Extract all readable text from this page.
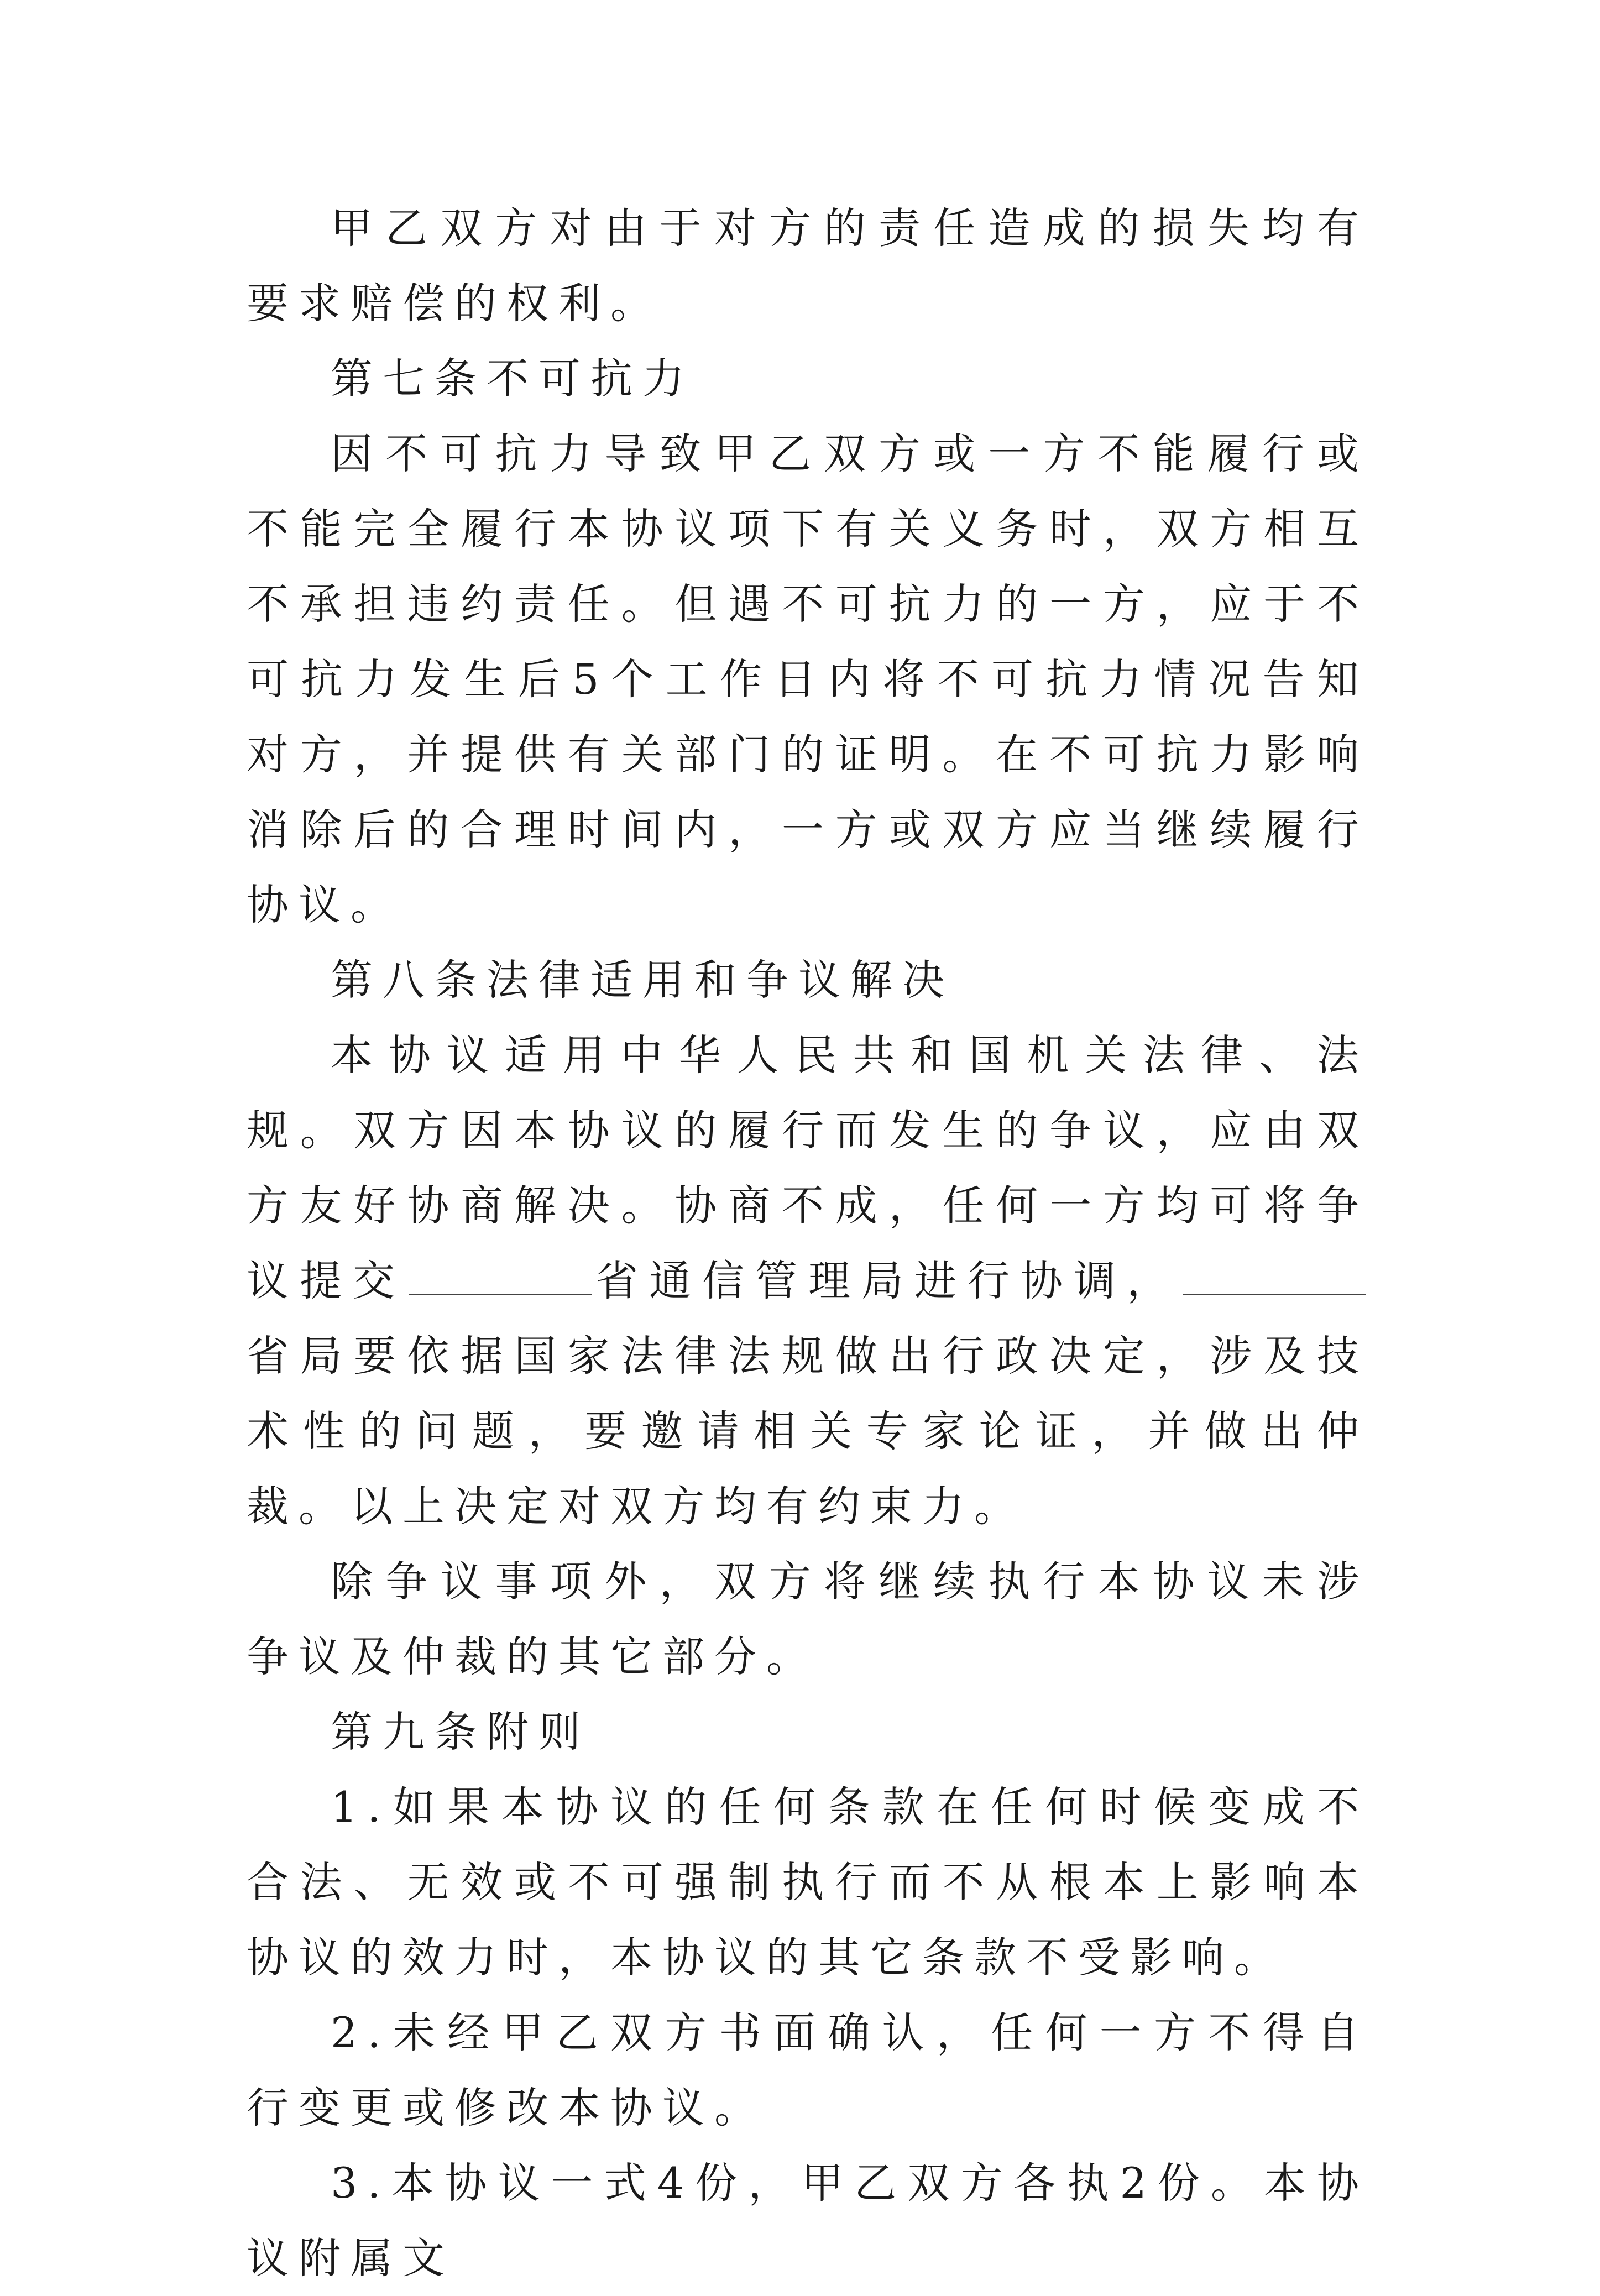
甲乙双方对由于对方的责任造成的损失均有要求赔偿的权利。

第七条不可抗力

因不可抗力导致甲乙双方或一方不能履行或不能完全履行本协议项下有关义务时，双方相互不承担违约责任。但遇不可抗力的一方，应于不可抗力发生后5个工作日内将不可抗力情况告知对方，并提供有关部门的证明。在不可抗力影响消除后的合理时间内，一方或双方应当继续履行协议。

第八条法律适用和争议解决

本协议适用中华人民共和国机关法律、法规。双方因本协议的履行而发生的争议，应由双方友好协商解决。协商不成，任何一方均可将争议提交	省通信管理局进行协调，省局要依据国家法律法规做出行政决定，涉及技术性的问题，要邀请相关专家论证，并做出仲裁。以上决定对双方均有约束力。

除争议事项外，双方将继续执行本协议未涉争议及仲裁的其它部分。

第九条附则

1.如果本协议的任何条款在任何时候变成不合法、无效或不可强制执行而不从根本上影响本协议的效力时，本协议的其它条款不受影响。

2.未经甲乙双方书面确认，任何一方不得自行变更或修改本协议。

3.本协议一式4份，甲乙双方各执2份。本协议附属文
